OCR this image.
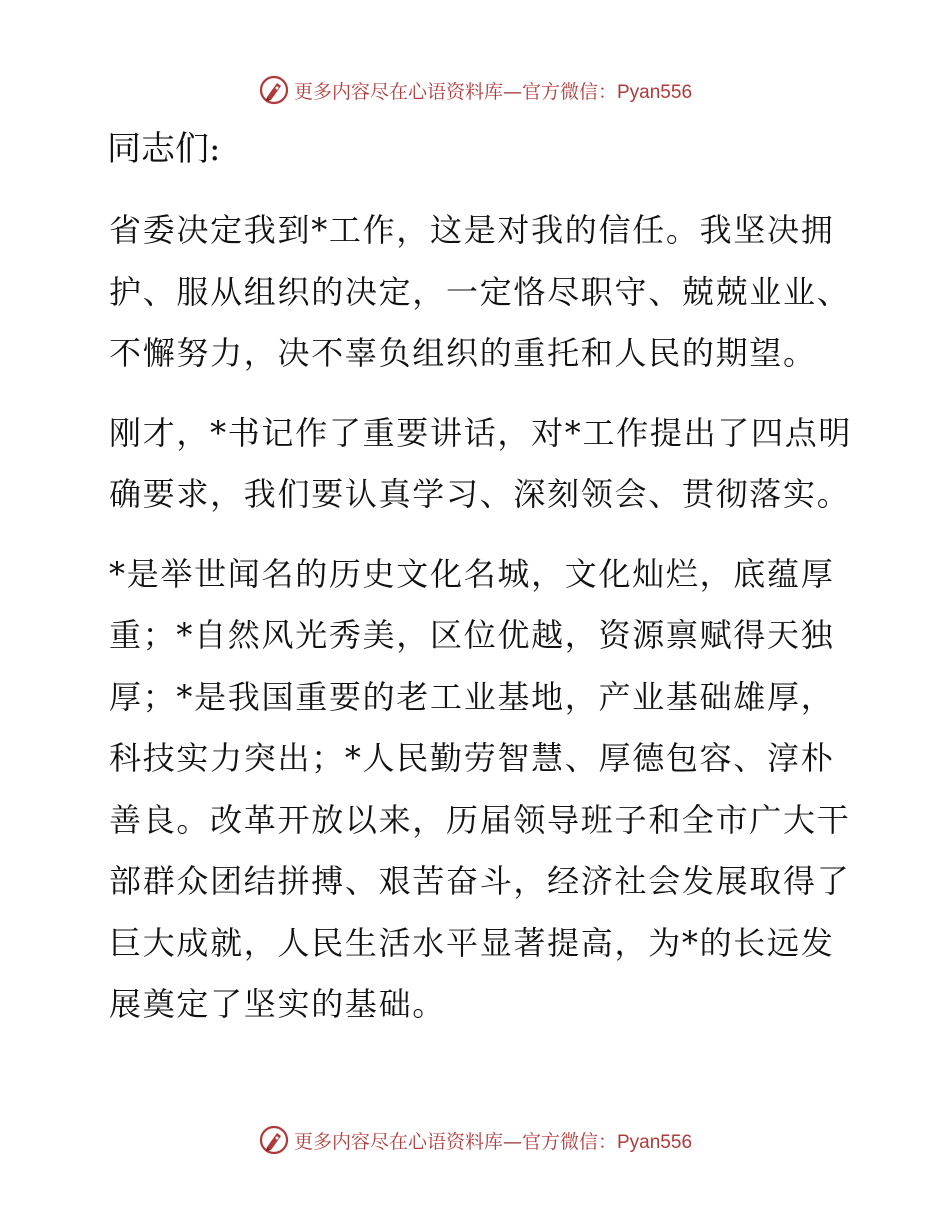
更多内容尽在心语资料库—官方微信：Pyan556

同志们:

省委决定我到*工作，这是对我的信任。我坚决拥护、服从组织的决定，一定恪尽职守、兢兢业业、不懈努力，决不辜负组织的重托和人民的期望。

刚才，*书记作了重要讲话，对*工作提出了四点明确要求，我们要认真学习、深刻领会、贯彻落实。

*是举世闻名的历史文化名城，文化灿烂，底蕴厚重；*自然风光秀美，区位优越，资源禀赋得天独厚；*是我国重要的老工业基地，产业基础雄厚，科技实力突出；*人民勤劳智慧、厚德包容、淳朴善良。改革开放以来，历届领导班子和全市广大干部群众团结拼搏、艰苦奋斗，经济社会发展取得了巨大成就，人民生活水平显著提高，为*的长远发展奠定了坚实的基础。

更多内容尽在心语资料库—官方微信：Pyan556
